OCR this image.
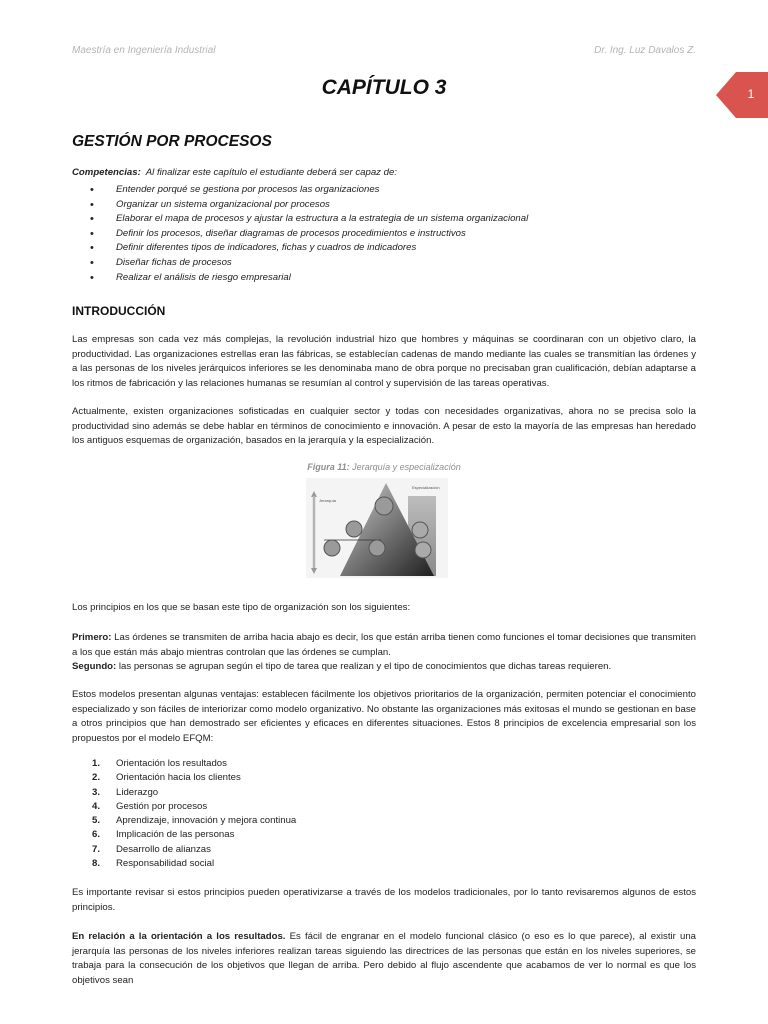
Maestría en Ingeniería Industrial	Dr. Ing. Luz Davalos Z.
1
CAPÍTULO 3
GESTIÓN POR PROCESOS
Competencias: Al finalizar este capítulo el estudiante deberá ser capaz de:
• Entender porqué se gestiona por procesos las organizaciones
• Organizar un sistema organizacional por procesos
• Elaborar el mapa de procesos y ajustar la estructura a la estrategia de un sistema organizacional
• Definir los procesos, diseñar diagramas de procesos procedimientos e instructivos
• Definir diferentes tipos de indicadores, fichas y cuadros de indicadores
• Diseñar fichas de procesos
• Realizar el análisis de riesgo empresarial
INTRODUCCIÓN

Las empresas son cada vez más complejas, la revolución industrial hizo que hombres y máquinas se coordinaran con un objetivo claro, la productividad. Las organizaciones estrellas eran las fábricas, se establecían cadenas de mando mediante las cuales se transmitían las órdenes y a las personas de los niveles jerárquicos inferiores se les denominaba mano de obra porque no precisaban gran cualificación, debían adaptarse a los ritmos de fabricación y las relaciones humanas se resumían al control y supervisión de las tareas operativas.

Actualmente, existen organizaciones sofisticadas en cualquier sector y todas con necesidades organizativas, ahora no se precisa solo la productividad sino además se debe hablar en términos de conocimiento e innovación. A pesar de esto la mayoría de las empresas han heredado los antiguos esquemas de organización, basados en la jerarquía y la especialización.

Figura 11: Jerarquía y especialización
Jerarquía
Especialización

Los principios en los que se basan este tipo de organización son los siguientes:

Primero: Las órdenes se transmiten de arriba hacia abajo es decir, los que están arriba tienen como funciones el tomar decisiones que transmiten a los que están más abajo mientras controlan que las órdenes se cumplan.
Segundo: las personas se agrupan según el tipo de tarea que realizan y el tipo de conocimientos que dichas tareas requieren.

Estos modelos presentan algunas ventajas: establecen fácilmente los objetivos prioritarios de la organización, permiten potenciar el conocimiento especializado y son fáciles de interiorizar como modelo organizativo. No obstante las organizaciones más exitosas el mundo se gestionan en base a otros principios que han demostrado ser eficientes y eficaces en diferentes situaciones. Estos 8 principios de excelencia empresarial son los propuestos por el modelo EFQM:

1. Orientación los resultados
2. Orientación hacia los clientes
3. Liderazgo
4. Gestión por procesos
5. Aprendizaje, innovación y mejora continua
6. Implicación de las personas
7. Desarrollo de alianzas
8. Responsabilidad social

Es importante revisar si estos principios pueden operativizarse a través de los modelos tradicionales, por lo tanto revisaremos algunos de estos principios.

En relación a la orientación a los resultados. Es fácil de engranar en el modelo funcional clásico (o eso es lo que parece), al existir una jerarquía las personas de los niveles inferiores realizan tareas siguiendo las directrices de las personas que están en los niveles superiores, se trabaja para la consecución de los objetivos que llegan de arriba. Pero debido al flujo ascendente que acabamos de ver lo normal es que los objetivos sean
